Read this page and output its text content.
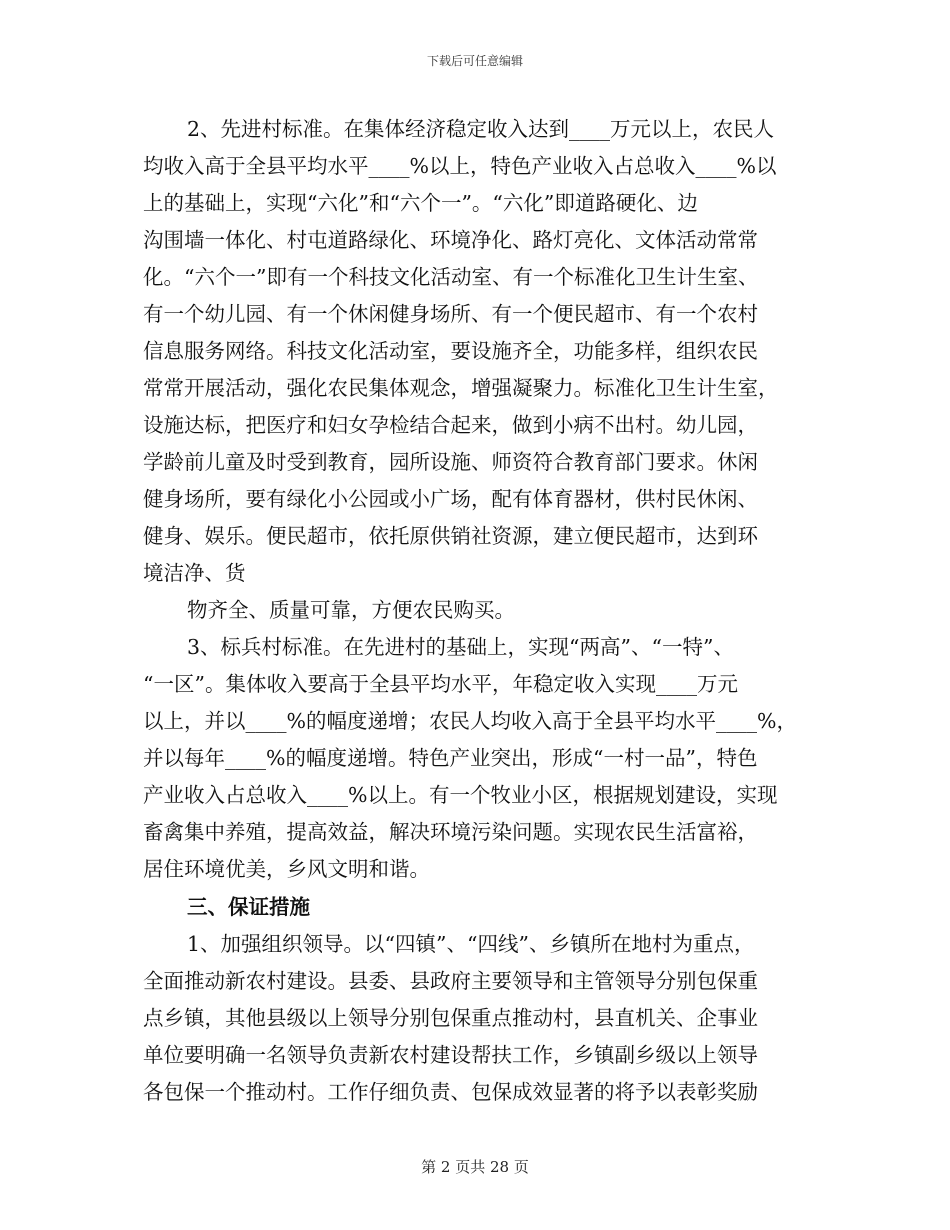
下载后可任意编辑
2、先进村标准。在集体经济稳定收入达到____万元以上，农民人
均收入高于全县平均水平____%以上，特色产业收入占总收入____%以
上的基础上，实现“六化”和“六个一”。“六化”即道路硬化、边
沟围墙一体化、村屯道路绿化、环境净化、路灯亮化、文体活动常常
化。“六个一”即有一个科技文化活动室、有一个标准化卫生计生室、
有一个幼儿园、有一个休闲健身场所、有一个便民超市、有一个农村
信息服务网络。科技文化活动室，要设施齐全，功能多样，组织农民
常常开展活动，强化农民集体观念，增强凝聚力。标准化卫生计生室，
设施达标，把医疗和妇女孕检结合起来，做到小病不出村。幼儿园，
学龄前儿童及时受到教育，园所设施、师资符合教育部门要求。休闲
健身场所，要有绿化小公园或小广场，配有体育器材，供村民休闲、
健身、娱乐。便民超市，依托原供销社资源，建立便民超市，达到环
境洁净、货
物齐全、质量可靠，方便农民购买。
3、标兵村标准。在先进村的基础上，实现“两高”、“一特”、
“一区”。集体收入要高于全县平均水平，年稳定收入实现____万元
以上，并以____%的幅度递增；农民人均收入高于全县平均水平____%，
并以每年____%的幅度递增。特色产业突出，形成“一村一品”，特色
产业收入占总收入____%以上。有一个牧业小区，根据规划建设，实现
畜禽集中养殖，提高效益，解决环境污染问题。实现农民生活富裕，
居住环境优美，乡风文明和谐。
三、保证措施
1、加强组织领导。以“四镇”、“四线”、乡镇所在地村为重点，
全面推动新农村建设。县委、县政府主要领导和主管领导分别包保重
点乡镇，其他县级以上领导分别包保重点推动村，县直机关、企事业
单位要明确一名领导负责新农村建设帮扶工作，乡镇副乡级以上领导
各包保一个推动村。工作仔细负责、包保成效显著的将予以表彰奖励
第 2 页共 28 页
